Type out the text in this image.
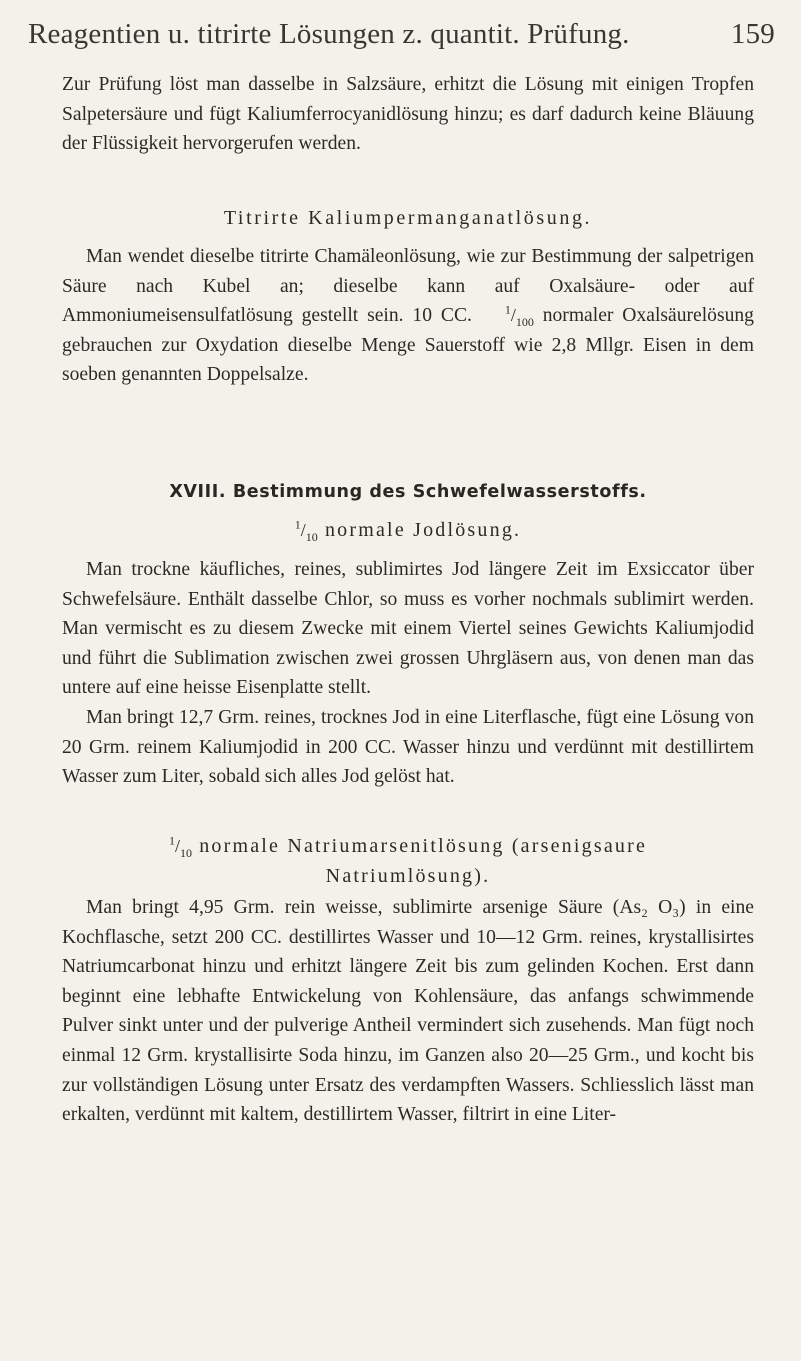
Reagentien u. titrirte Lösungen z. quantit. Prüfung.	159

Zur Prüfung löst man dasselbe in Salzsäure, erhitzt die Lösung mit einigen Tropfen Salpetersäure und fügt Kaliumferrocyanidlösung hinzu; es darf dadurch keine Bläuung der Flüssigkeit hervorgerufen werden.

Titrirte Kaliumpermanganatlösung.

Man wendet dieselbe titrirte Chamäleonlösung, wie zur Bestimmung der salpetrigen Säure nach Kubel an; dieselbe kann auf Oxalsäure- oder auf Ammoniumeisensulfatlösung gestellt sein. 10 CC.	$^1/_{100}$ normaler Oxalsäurelösung gebrauchen zur Oxydation dieselbe Menge Sauerstoff wie 2,8 Mllgr. Eisen in dem soeben genannten Doppelsalze.

XVIII. Bestimmung des Schwefelwasserstoffs.

$^1/_{10}$ normale Jodlösung.

Man trockne käufliches, reines, sublimirtes Jod längere Zeit im Exsiccator über Schwefelsäure. Enthält dasselbe Chlor, so muss es vorher nochmals sublimirt werden. Man vermischt es zu diesem Zwecke mit einem Viertel seines Gewichts Kaliumjodid und führt die Sublimation zwischen zwei grossen Uhrgläsern aus, von denen man das untere auf eine heisse Eisenplatte stellt.

Man bringt 12,7 Grm. reines, trocknes Jod in eine Literflasche, fügt eine Lösung von 20 Grm. reinem Kaliumjodid in 200 CC. Wasser hinzu und verdünnt mit destillirtem Wasser zum Liter, sobald sich alles Jod gelöst hat.

$^1/_{10}$ normale Natriumarsenitlösung (arsenigsaure
Natriumlösung).

Man bringt 4,95 Grm. rein weisse, sublimirte arsenige Säure (As₂ O₃) in eine Kochflasche, setzt 200 CC. destillirtes Wasser und 10—12 Grm. reines, krystallisirtes Natriumcarbonat hinzu und erhitzt längere Zeit bis zum gelinden Kochen. Erst dann beginnt eine lebhafte Entwickelung von Kohlensäure, das anfangs schwimmende Pulver sinkt unter und der pulverige Antheil vermindert sich zusehends. Man fügt noch einmal 12 Grm. krystallisirte Soda hinzu, im Ganzen also 20—25 Grm., und kocht bis zur vollständigen Lösung unter Ersatz des verdampften Wassers. Schliesslich lässt man erkalten, verdünnt mit kaltem, destillirtem Wasser, filtrirt in eine Liter-
